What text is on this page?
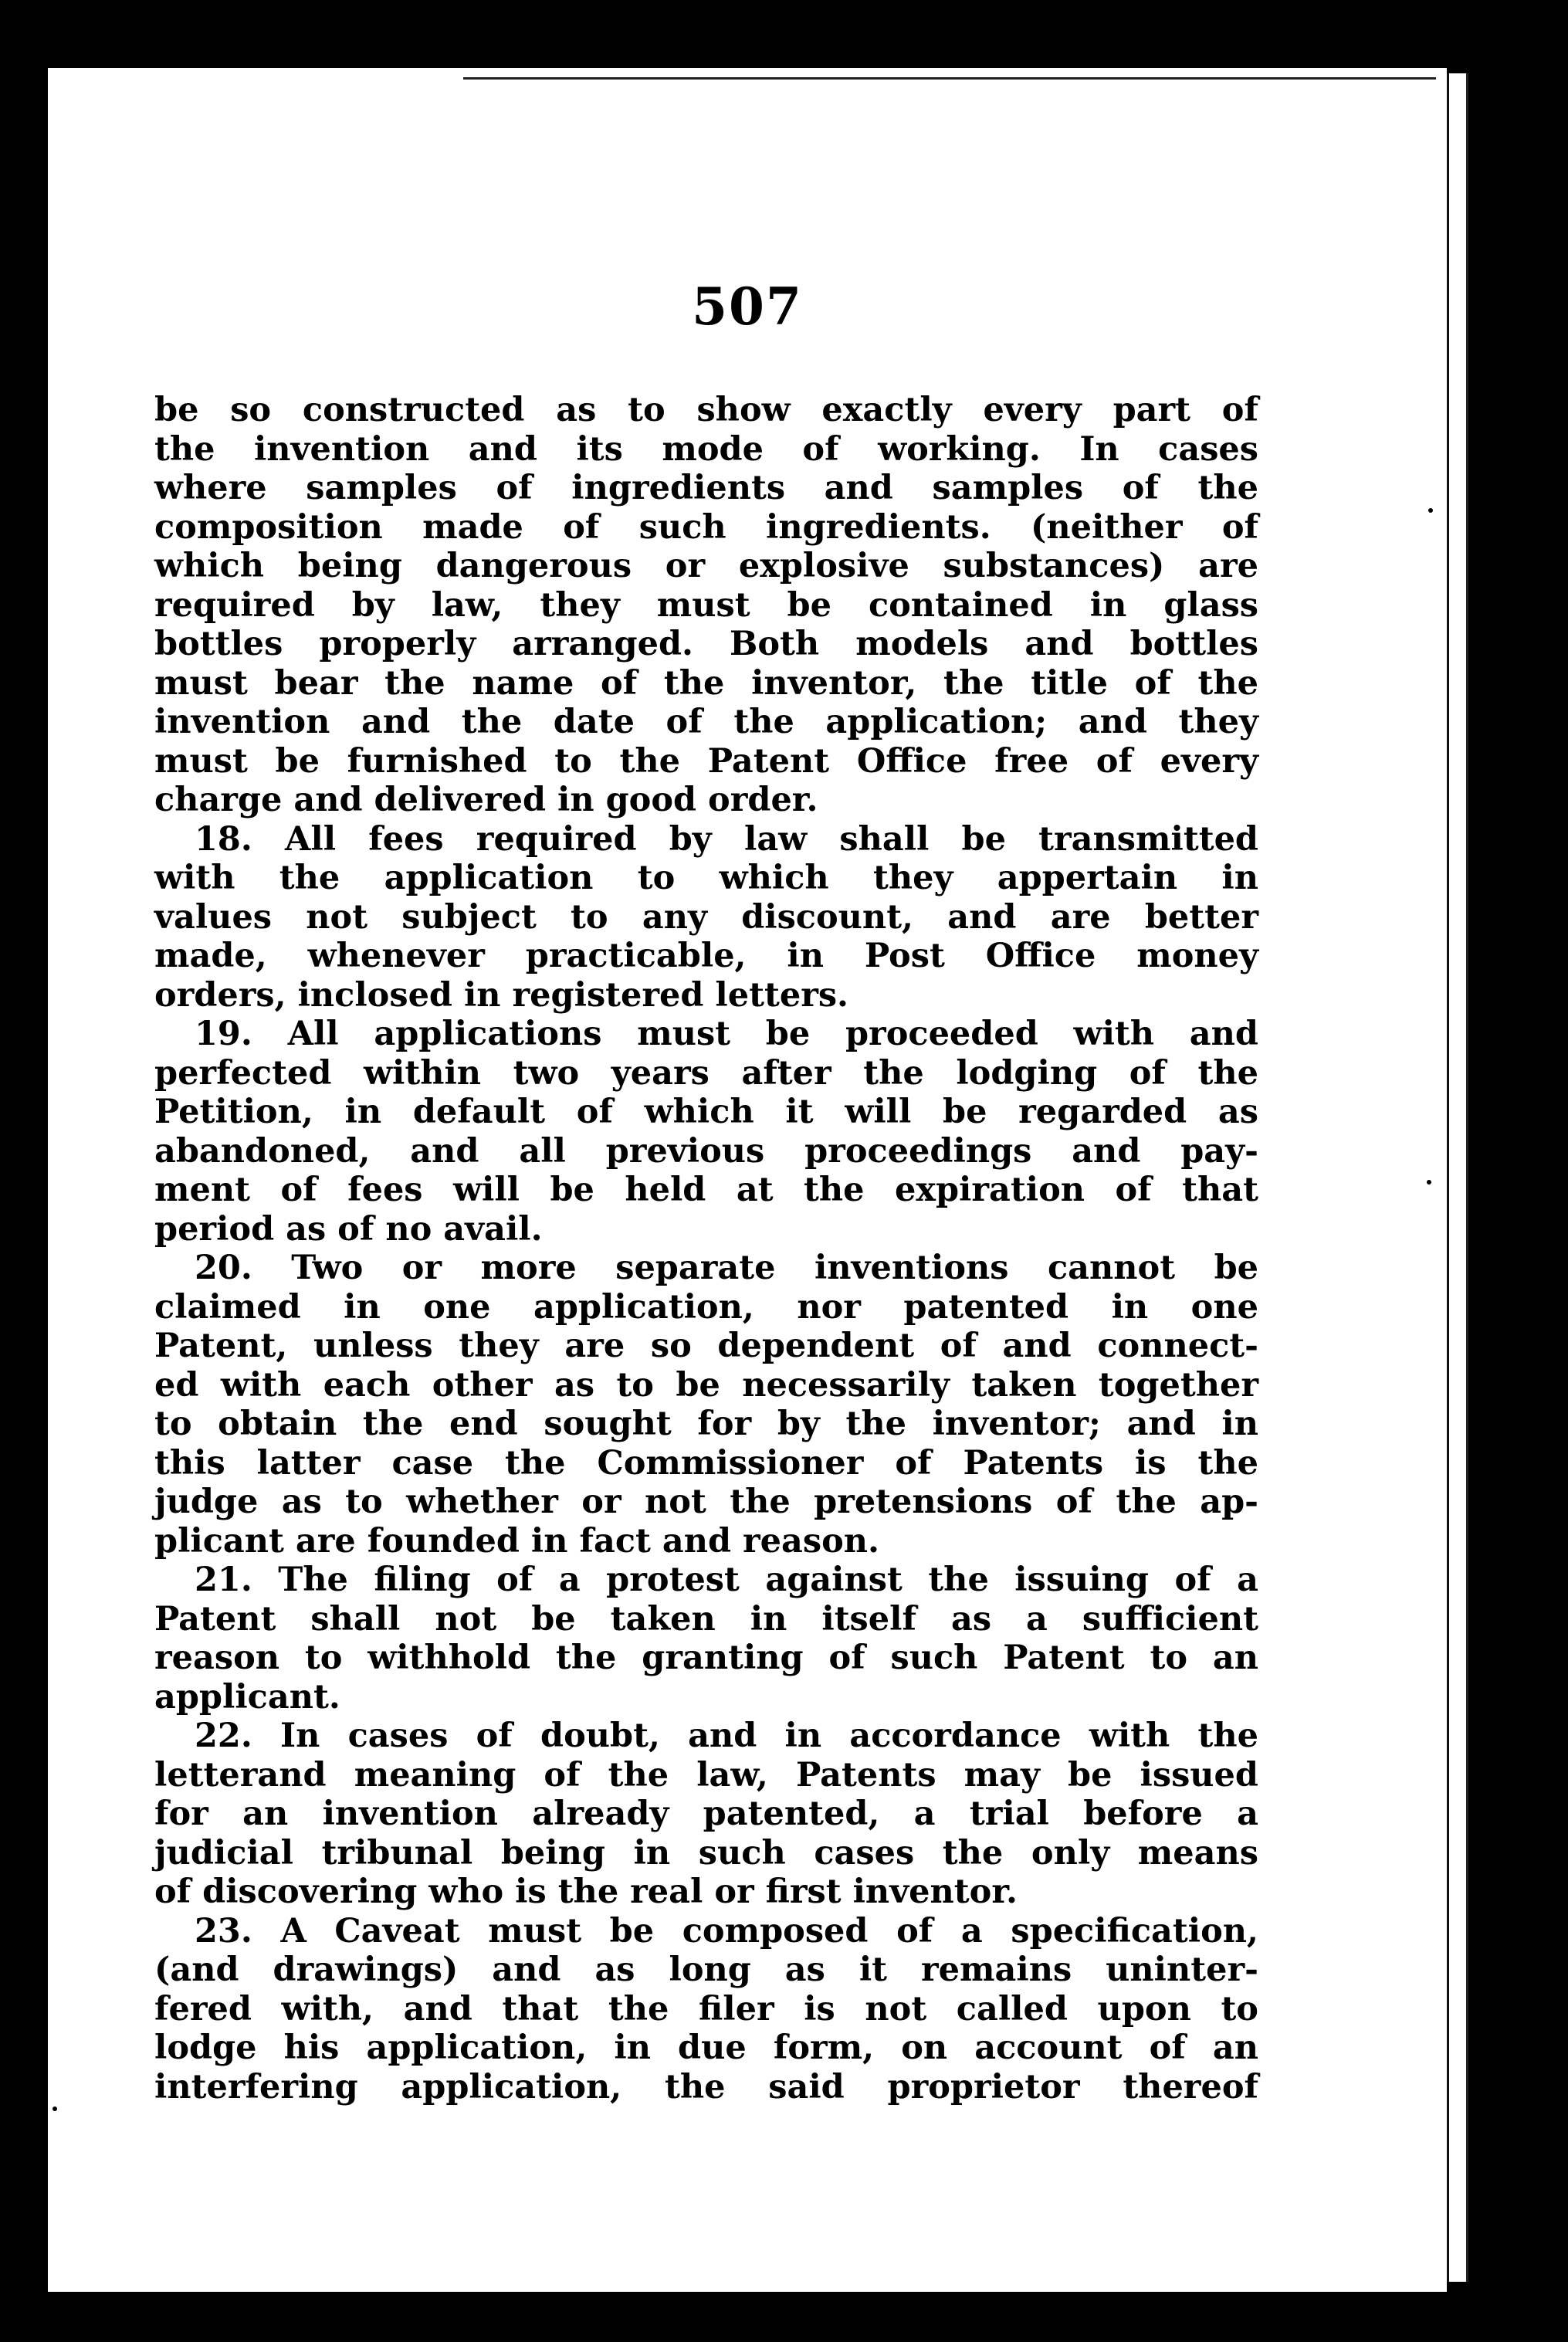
507
be so constructed as to show exactly every part of
the invention and its mode of working. In cases
where samples of ingredients and samples of the
composition made of such ingredients. (neither of
which being dangerous or explosive substances) are
required by law, they must be contained in glass
bottles properly arranged. Both models and bottles
must bear the name of the inventor, the title of the
invention and the date of the application; and they
must be furnished to the Patent Office free of every
charge and delivered in good order.
18. All fees required by law shall be transmitted
with the application to which they appertain in
values not subject to any discount, and are better
made, whenever practicable, in Post Office money
orders, inclosed in registered letters.
19. All applications must be proceeded with and
perfected within two years after the lodging of the
Petition, in default of which it will be regarded as
abandoned, and all previous proceedings and pay-
ment of fees will be held at the expiration of that
period as of no avail.
20. Two or more separate inventions cannot be
claimed in one application, nor patented in one
Patent, unless they are so dependent of and connect-
ed with each other as to be necessarily taken together
to obtain the end sought for by the inventor; and in
this latter case the Commissioner of Patents is the
judge as to whether or not the pretensions of the ap-
plicant are founded in fact and reason.
21. The filing of a protest against the issuing of a
Patent shall not be taken in itself as a sufficient
reason to withhold the granting of such Patent to an
applicant.
22. In cases of doubt, and in accordance with the
letterand meaning of the law, Patents may be issued
for an invention already patented, a trial before a
judicial tribunal being in such cases the only means
of discovering who is the real or first inventor.
23. A Caveat must be composed of a specification,
(and drawings) and as long as it remains uninter-
fered with, and that the filer is not called upon to
lodge his application, in due form, on account of an
interfering application, the said proprietor thereof
